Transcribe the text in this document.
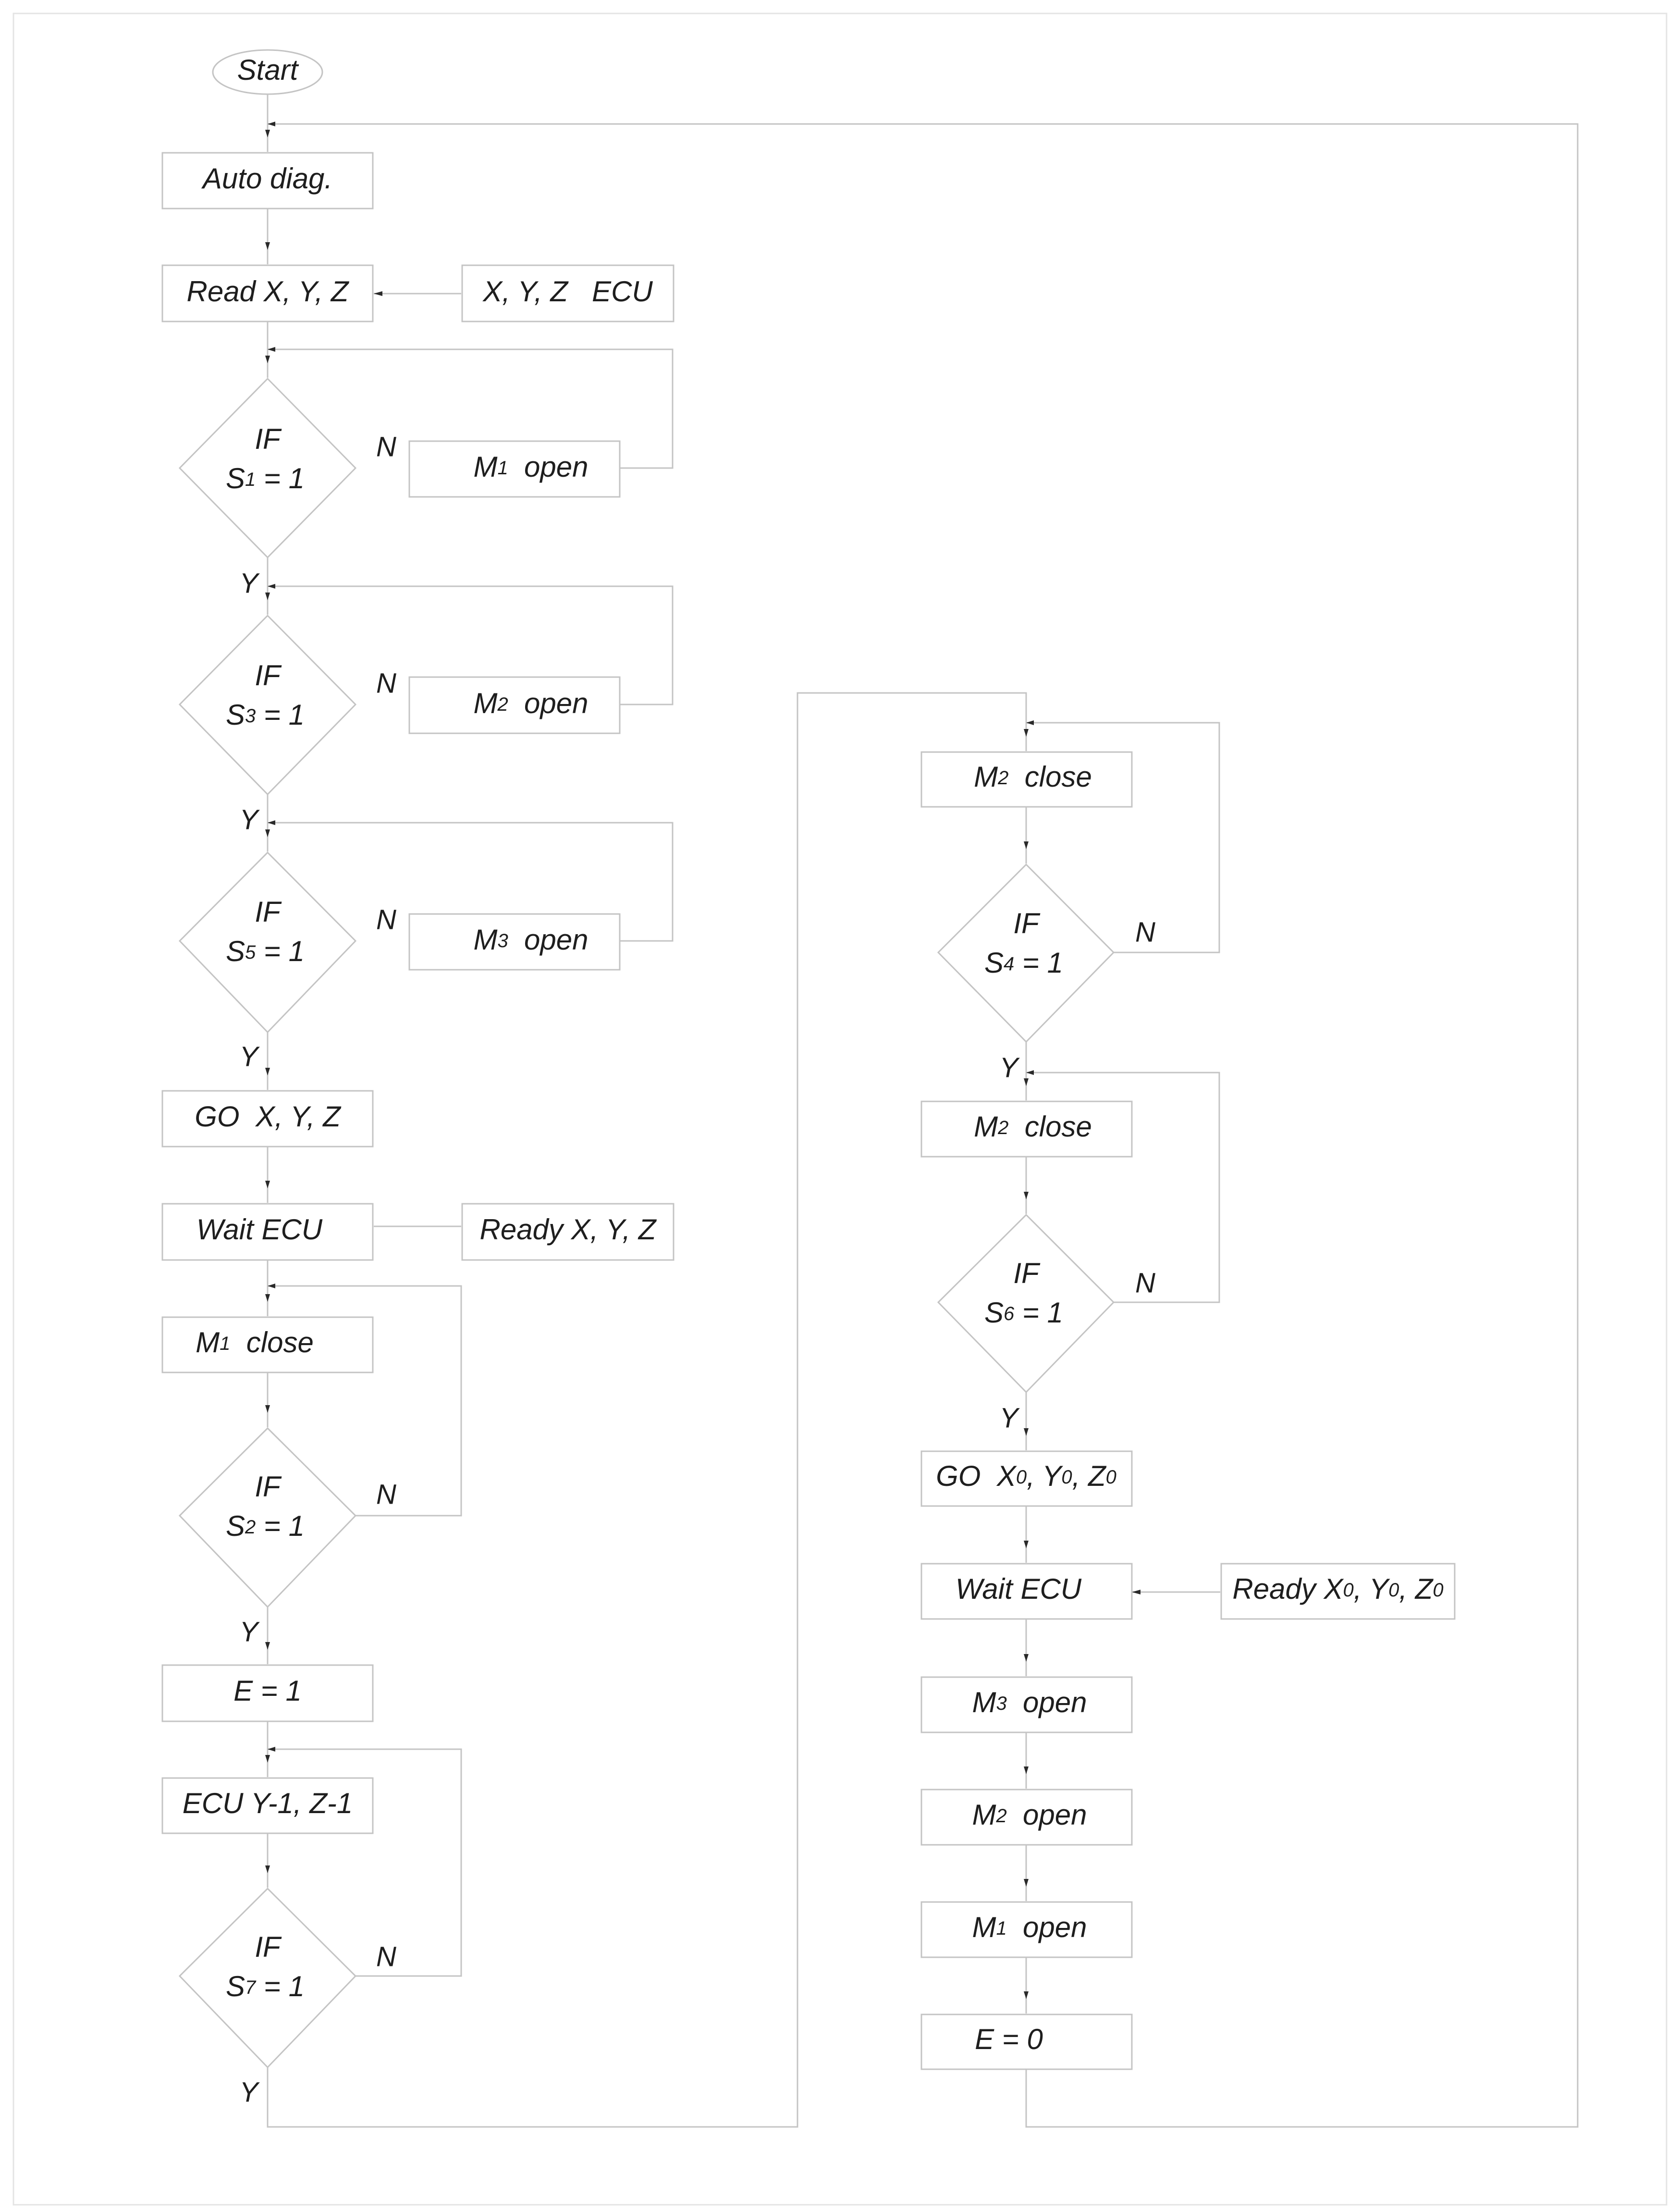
Start
Auto diag.
Read X, Y, Z	X, Y, Z   ECU
IF
S1 = 1	M1  open
IF
S3 = 1	M2  open
IF
S5 = 1	M3  open
GO  X, Y, Z
Wait ECU	Ready X, Y, Z
M1  close
IF
S2 = 1
E = 1
ECU Y-1, Z-1
IF
S7 = 1
M2  close
IF
S4 = 1
M2  close
IF
S6 = 1
GO  X0, Y0, Z0
Wait ECU	Ready X0, Y0, Z0
M3  open
M2  open
M1  open
E = 0
N
N
N
N
N
N
N
Y
Y
Y
Y
Y
Y
Y
